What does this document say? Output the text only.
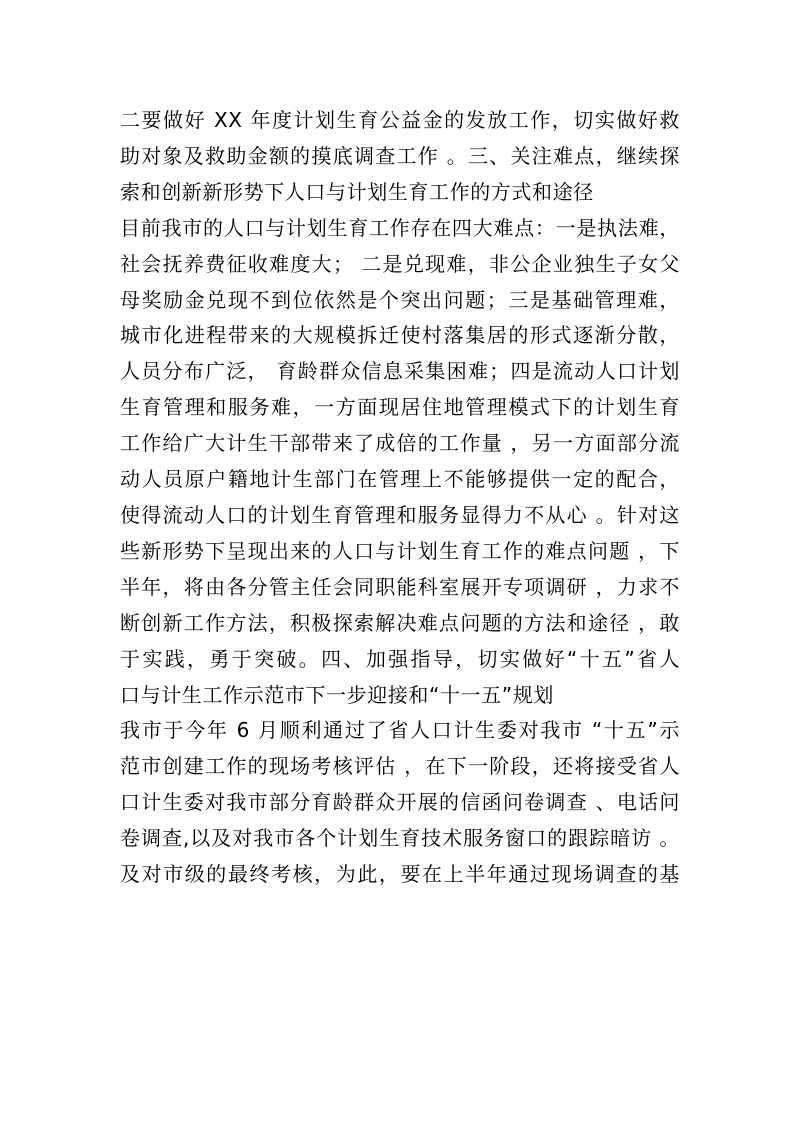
二要做好 XX 年度计划生育公益金的发放工作，切实做好救
助对象及救助金额的摸底调查工作 。三、关注难点，继续探
索和创新新形势下人口与计划生育工作的方式和途径
目前我市的人口与计划生育工作存在四大难点：一是执法难，
社会抚养费征收难度大； 二是兑现难，非公企业独生子女父
母奖励金兑现不到位依然是个突出问题；三是基础管理难，
城市化进程带来的大规模拆迁使村落集居的形式逐渐分散，
人员分布广泛， 育龄群众信息采集困难；四是流动人口计划
生育管理和服务难，一方面现居住地管理模式下的计划生育
工作给广大计生干部带来了成倍的工作量 ，另一方面部分流
动人员原户籍地计生部门在管理上不能够提供一定的配合，
使得流动人口的计划生育管理和服务显得力不从心 。针对这
些新形势下呈现出来的人口与计划生育工作的难点问题 ，下
半年，将由各分管主任会同职能科室展开专项调研 ，力求不
断创新工作方法，积极探索解决难点问题的方法和途径 ，敢
于实践，勇于突破。四、加强指导，切实做好“十五”省人
口与计生工作示范市下一步迎接和“十一五”规划
我市于今年 6 月顺利通过了省人口计生委对我市 “十五”示
范市创建工作的现场考核评估 ，在下一阶段，还将接受省人
口计生委对我市部分育龄群众开展的信函问卷调查 、电话问
卷调查,以及对我市各个计划生育技术服务窗口的跟踪暗访 。
及对市级的最终考核，为此，要在上半年通过现场调查的基
